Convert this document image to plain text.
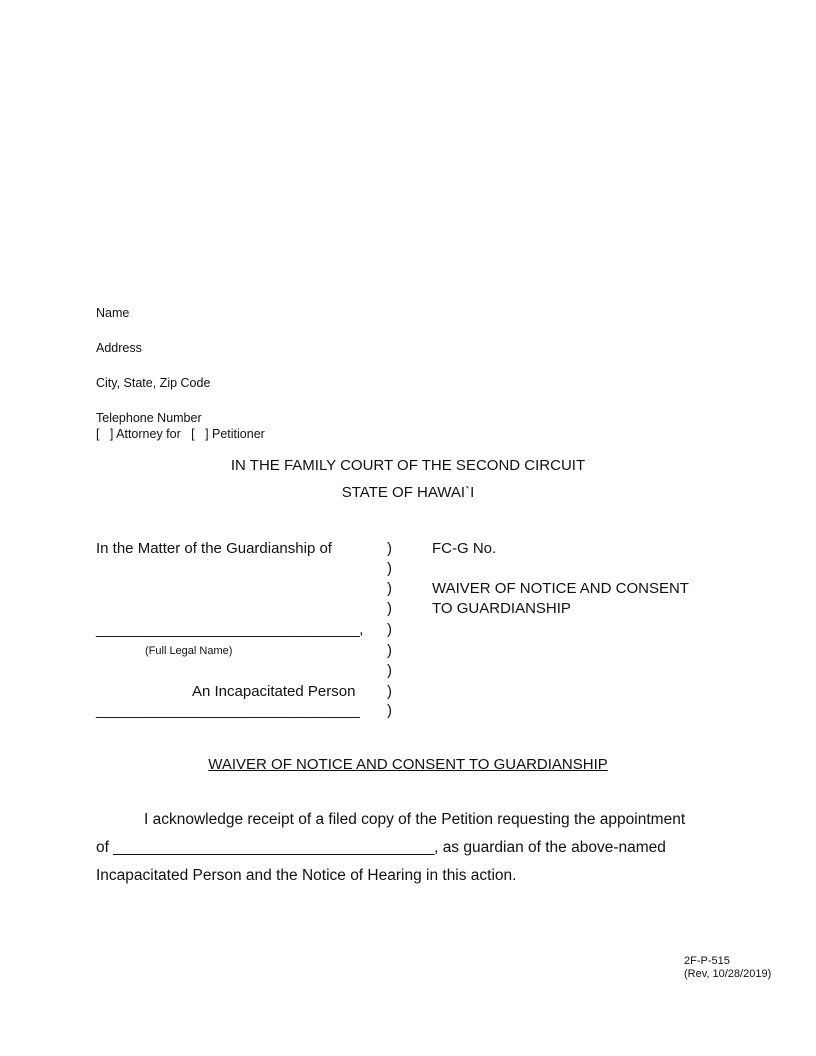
Name
Address
City, State, Zip Code
Telephone Number
[   ] Attorney for   [   ] Petitioner
IN THE FAMILY COURT OF THE SECOND CIRCUIT
STATE OF HAWAI`I
In the Matter of the Guardianship of
__________________________________,
(Full Legal Name)
An Incapacitated Person
__________________________________
)
)
)
)
)
)
)
)
)
FC-G No.
WAIVER OF NOTICE AND CONSENT
TO GUARDIANSHIP
WAIVER OF NOTICE AND CONSENT TO GUARDIANSHIP
I acknowledge receipt of a filed copy of the Petition requesting the appointment
of ________________________________________, as guardian of the above-named
Incapacitated Person and the Notice of Hearing in this action.
2F-P-515
(Rev, 10/28/2019)
